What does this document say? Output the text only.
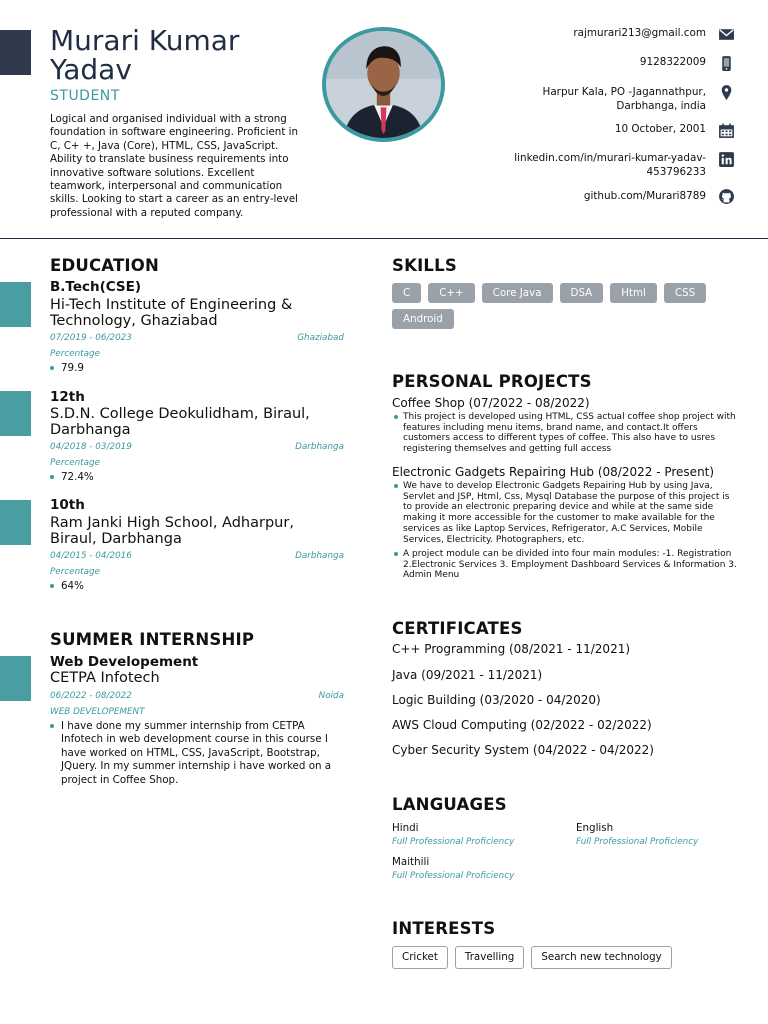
Murari Kumar Yadav
STUDENT
Logical and organised individual with a strong foundation in software engineering. Proficient in C, C+ +, Java (Core), HTML, CSS, JavaScript. Ability to translate business requirements into innovative software solutions. Excellent teamwork, interpersonal and communication skills. Looking to start a career as an entry-level professional with a reputed company.
rajmurari213@gmail.com
9128322009
Harpur Kala, PO -Jagannathpur,
Darbhanga, india
10 October, 2001
linkedin.com/in/murari-kumar-yadav-
453796233
github.com/Murari8789
EDUCATION
B.Tech(CSE)
Hi-Tech Institute of Engineering & Technology, Ghaziabad
07/2019 - 06/2023	Ghaziabad
Percentage
79.9
12th
S.D.N. College Deokulidham, Biraul, Darbhanga
04/2018 - 03/2019	Darbhanga
Percentage
72.4%
10th
Ram Janki High School, Adharpur, Biraul, Darbhanga
04/2015 - 04/2016	Darbhanga
Percentage
64%
SUMMER INTERNSHIP
Web Developement
CETPA Infotech
06/2022 - 08/2022	Noida
WEB DEVELOPEMENT
I have done my summer internship from CETPA Infotech in web development course in this course I have worked on HTML, CSS, JavaScript, Bootstrap, JQuery. In my summer internship i have worked on a project in Coffee Shop.
SKILLS
C	C++	Core Java	DSA	Html	CSS
Android
PERSONAL PROJECTS
Coffee Shop (07/2022 - 08/2022)
This project is developed using HTML, CSS actual coffee shop project with features including menu items, brand name, and contact.It offers customers access to different types of coffee. This also have to usres registering themselves and getting full access
Electronic Gadgets Repairing Hub (08/2022 - Present)
We have to develop Electronic Gadgets Repairing Hub by using Java, Servlet and JSP, Html, Css, Mysql Database the purpose of this project is to provide an electronic preparing device and while at the same side making it more accessible for the customer to make available for the services as like Laptop Services, Refrigerator, A.C Services, Mobile Services, Electricity. Photographers, etc.
A project module can be divided into four main modules: -1. Registration 2.Electronic Services 3. Employment Dashboard Services & Information 3. Admin Menu
CERTIFICATES
C++ Programming (08/2021 - 11/2021)
Java (09/2021 - 11/2021)
Logic Building (03/2020 - 04/2020)
AWS Cloud Computing (02/2022 - 02/2022)
Cyber Security System (04/2022 - 04/2022)
LANGUAGES
Hindi
Full Professional Proficiency
English
Full Professional Proficiency
Maithili
Full Professional Proficiency
INTERESTS
Cricket	Travelling	Search new technology
